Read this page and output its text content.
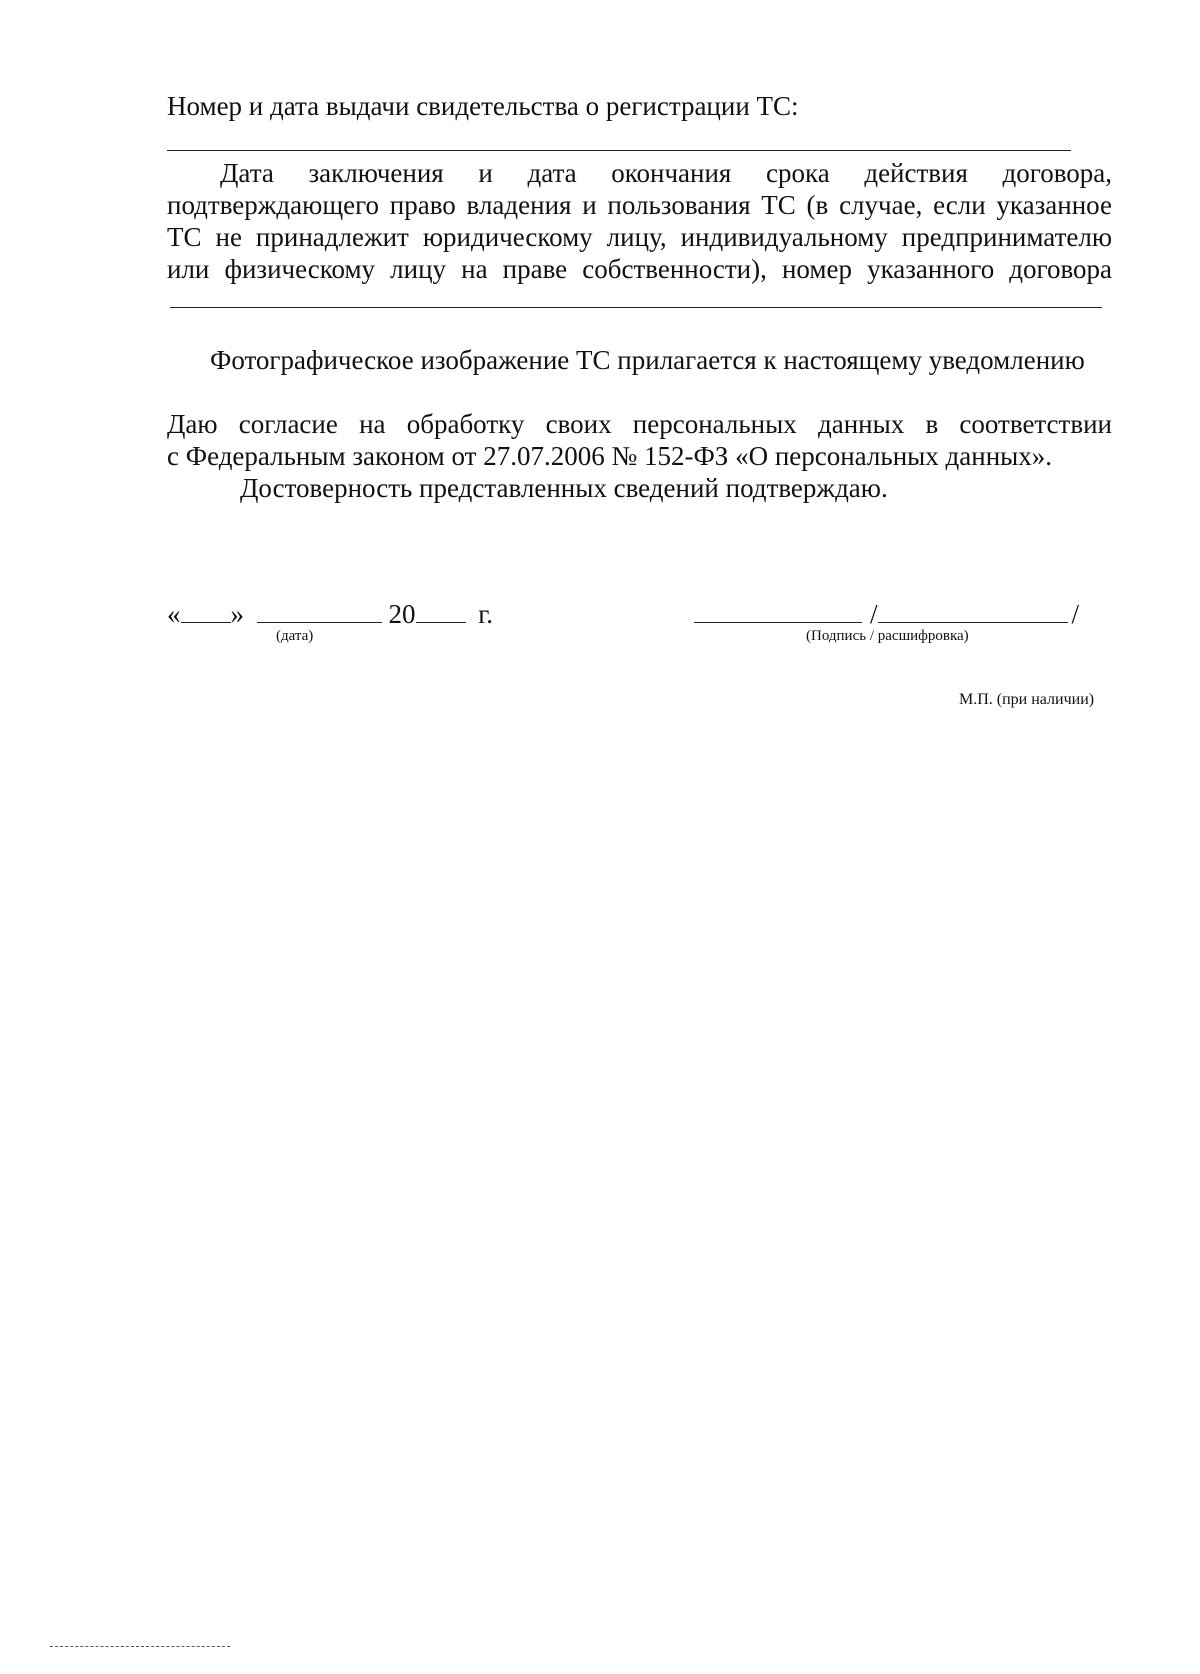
Номер и дата выдачи свидетельства о регистрации ТС:
Дата заключения и дата окончания срока действия договора,
подтверждающего право владения и пользования ТС (в случае, если указанное
ТС не принадлежит юридическому лицу, индивидуальному предпринимателю
или физическому лицу на праве собственности), номер указанного договора
Фотографическое изображение ТС прилагается к настоящему уведомлению
Даю согласие на обработку своих персональных данных в соответствии
с Федеральным законом от 27.07.2006 № 152-ФЗ «О персональных данных».
Достоверность представленных сведений подтверждаю.
« »	20 г.
(дата)
/	/
(Подпись / расшифровка)
М.П. (при наличии)
